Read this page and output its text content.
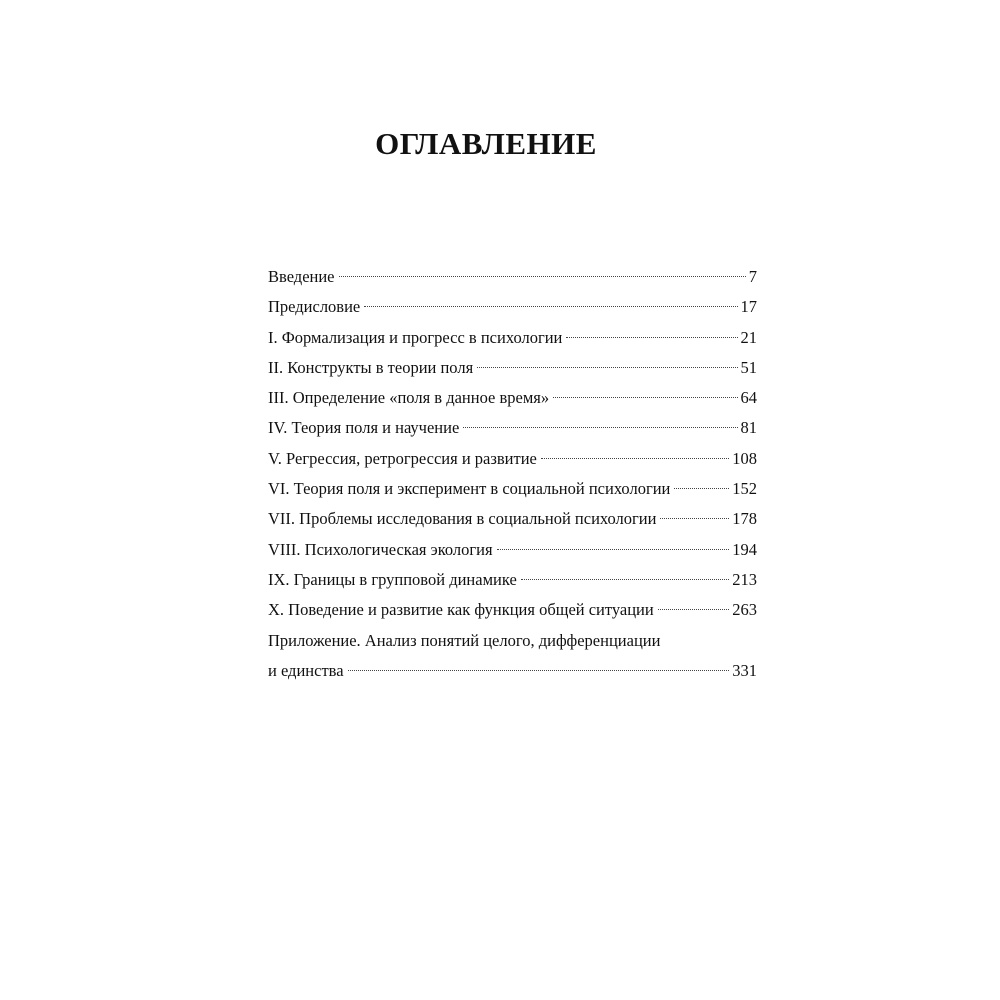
ОГЛАВЛЕНИЕ
Введение	7
Предисловие	17
I. Формализация и прогресс в психологии	21
II. Конструкты в теории поля	51
III. Определение «поля в данное время»	64
IV. Теория поля и научение	81
V. Регрессия, ретрогрессия и развитие	108
VI. Теория поля и эксперимент в социальной психологии	152
VII. Проблемы исследования в социальной психологии	178
VIII. Психологическая экология	194
IX. Границы в групповой динамике	213
X. Поведение и развитие как функция общей ситуации	263
Приложение. Анализ понятий целого, дифференциации
и единства	331
